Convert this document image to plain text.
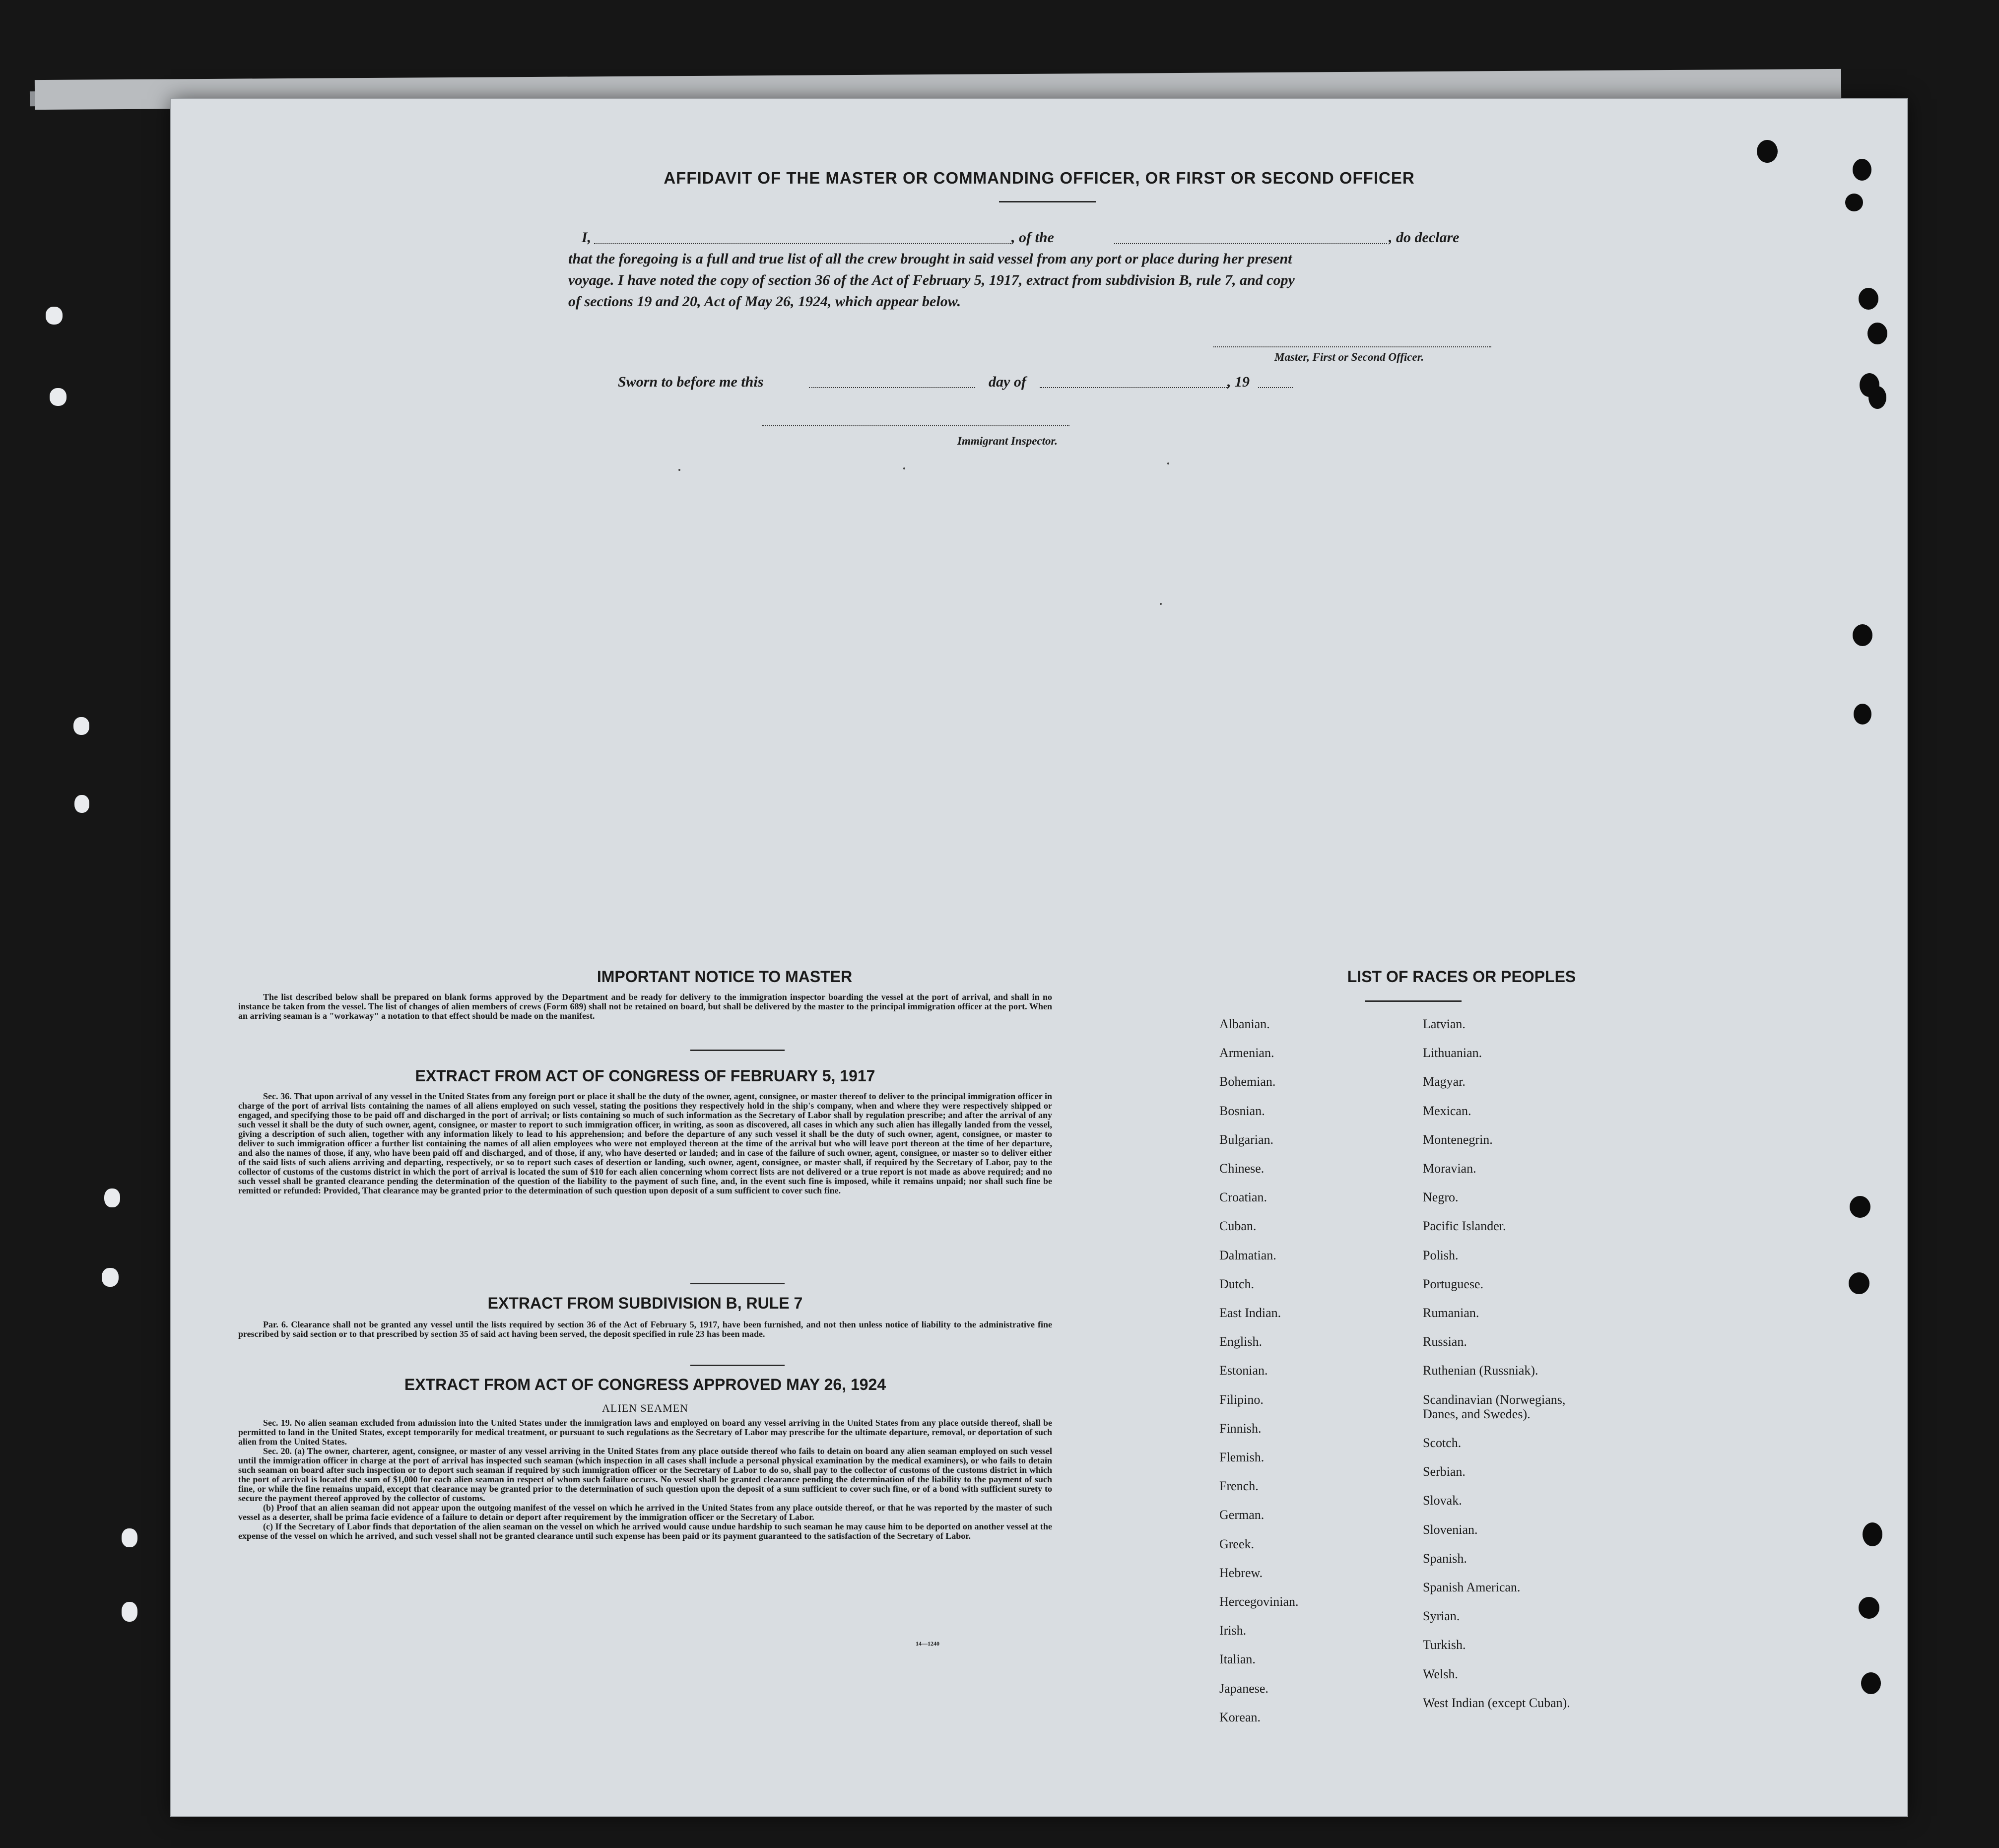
AFFIDAVIT OF THE MASTER OR COMMANDING OFFICER, OR FIRST OR SECOND OFFICER
I,	, of the	, do declare
that the foregoing is a full and true list of all the crew brought in said vessel from any port or place during her present
voyage. I have noted the copy of section 36 of the Act of February 5, 1917, extract from subdivision B, rule 7, and copy
of sections 19 and 20, Act of May 26, 1924, which appear below.
Master, First or Second Officer.
Sworn to before me this	day of	, 19
Immigrant Inspector.
IMPORTANT NOTICE TO MASTER

The list described below shall be prepared on blank forms approved by the Department and be ready for delivery to the immigration inspector boarding the vessel at the port of arrival, and shall in no instance be taken from the vessel. The list of changes of alien members of crews (Form 689) shall not be retained on board, but shall be delivered by the master to the principal immigration officer at the port. When an arriving seaman is a "workaway" a notation to that effect should be made on the manifest.

EXTRACT FROM ACT OF CONGRESS OF FEBRUARY 5, 1917

Sec. 36. That upon arrival of any vessel in the United States from any foreign port or place it shall be the duty of the owner, agent, consignee, or master thereof to deliver to the principal immigration officer in charge of the port of arrival lists containing the names of all aliens employed on such vessel, stating the positions they respectively hold in the ship's company, when and where they were respectively shipped or engaged, and specifying those to be paid off and discharged in the port of arrival; or lists containing so much of such information as the Secretary of Labor shall by regulation prescribe; and after the arrival of any such vessel it shall be the duty of such owner, agent, consignee, or master to report to such immigration officer, in writing, as soon as discovered, all cases in which any such alien has illegally landed from the vessel, giving a description of such alien, together with any information likely to lead to his apprehension; and before the departure of any such vessel it shall be the duty of such owner, agent, consignee, or master to deliver to such immigration officer a further list containing the names of all alien employees who were not employed thereon at the time of the arrival but who will leave port thereon at the time of her departure, and also the names of those, if any, who have been paid off and discharged, and of those, if any, who have deserted or landed; and in case of the failure of such owner, agent, consignee, or master so to deliver either of the said lists of such aliens arriving and departing, respectively, or so to report such cases of desertion or landing, such owner, agent, consignee, or master shall, if required by the Secretary of Labor, pay to the collector of customs of the customs district in which the port of arrival is located the sum of $10 for each alien concerning whom correct lists are not delivered or a true report is not made as above required; and no such vessel shall be granted clearance pending the determination of the question of the liability to the payment of such fine, and, in the event such fine is imposed, while it remains unpaid; nor shall such fine be remitted or refunded: Provided, That clearance may be granted prior to the determination of such question upon deposit of a sum sufficient to cover such fine.

EXTRACT FROM SUBDIVISION B, RULE 7

Par. 6. Clearance shall not be granted any vessel until the lists required by section 36 of the Act of February 5, 1917, have been furnished, and not then unless notice of liability to the administrative fine prescribed by said section or to that prescribed by section 35 of said act having been served, the deposit specified in rule 23 has been made.

EXTRACT FROM ACT OF CONGRESS APPROVED MAY 26, 1924
ALIEN SEAMEN

Sec. 19. No alien seaman excluded from admission into the United States under the immigration laws and employed on board any vessel arriving in the United States from any place outside thereof, shall be permitted to land in the United States, except temporarily for medical treatment, or pursuant to such regulations as the Secretary of Labor may prescribe for the ultimate departure, removal, or deportation of such alien from the United States.

Sec. 20. (a) The owner, charterer, agent, consignee, or master of any vessel arriving in the United States from any place outside thereof who fails to detain on board any alien seaman employed on such vessel until the immigration officer in charge at the port of arrival has inspected such seaman (which inspection in all cases shall include a personal physical examination by the medical examiners), or who fails to detain such seaman on board after such inspection or to deport such seaman if required by such immigration officer or the Secretary of Labor to do so, shall pay to the collector of customs of the customs district in which the port of arrival is located the sum of $1,000 for each alien seaman in respect of whom such failure occurs. No vessel shall be granted clearance pending the determination of the liability to the payment of such fine, or while the fine remains unpaid, except that clearance may be granted prior to the determination of such question upon the deposit of a sum sufficient to cover such fine, or of a bond with sufficient surety to secure the payment thereof approved by the collector of customs.

(b) Proof that an alien seaman did not appear upon the outgoing manifest of the vessel on which he arrived in the United States from any place outside thereof, or that he was reported by the master of such vessel as a deserter, shall be prima facie evidence of a failure to detain or deport after requirement by the immigration officer or the Secretary of Labor.

(c) If the Secretary of Labor finds that deportation of the alien seaman on the vessel on which he arrived would cause undue hardship to such seaman he may cause him to be deported on another vessel at the expense of the vessel on which he arrived, and such vessel shall not be granted clearance until such expense has been paid or its payment guaranteed to the satisfaction of the Secretary of Labor.

14—1240
LIST OF RACES OR PEOPLES
Albanian.
Armenian.
Bohemian.
Bosnian.
Bulgarian.
Chinese.
Croatian.
Cuban.
Dalmatian.
Dutch.
East Indian.
English.
Estonian.
Filipino.
Finnish.
Flemish.
French.
German.
Greek.
Hebrew.
Hercegovinian.
Irish.
Italian.
Japanese.
Korean.
Latvian.
Lithuanian.
Magyar.
Mexican.
Montenegrin.
Moravian.
Negro.
Pacific Islander.
Polish.
Portuguese.
Rumanian.
Russian.
Ruthenian (Russniak).
Scandinavian (Norwegians, Danes, and Swedes).
Scotch.
Serbian.
Slovak.
Slovenian.
Spanish.
Spanish American.
Syrian.
Turkish.
Welsh.
West Indian (except Cuban).
